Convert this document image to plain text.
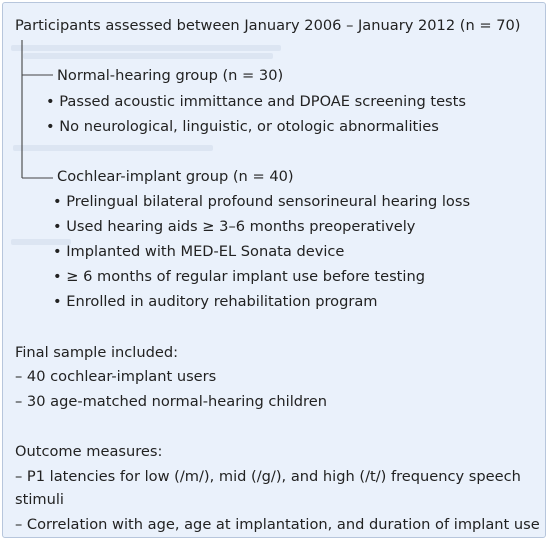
Participants assessed between January 2006 – January 2012 (n = 70)
Normal-hearing group (n = 30)
• Passed acoustic immittance and DPOAE screening tests
• No neurological, linguistic, or otologic abnormalities
Cochlear-implant group (n = 40)
• Prelingual bilateral profound sensorineural hearing loss
• Used hearing aids ≥ 3–6 months preoperatively
• Implanted with MED-EL Sonata device
• ≥ 6 months of regular implant use before testing
• Enrolled in auditory rehabilitation program
Final sample included:
– 40 cochlear-implant users
– 30 age-matched normal-hearing children
Outcome measures:
– P1 latencies for low (/m/), mid (/g/), and high (/t/) frequency speech
stimuli
– Correlation with age, age at implantation, and duration of implant use
